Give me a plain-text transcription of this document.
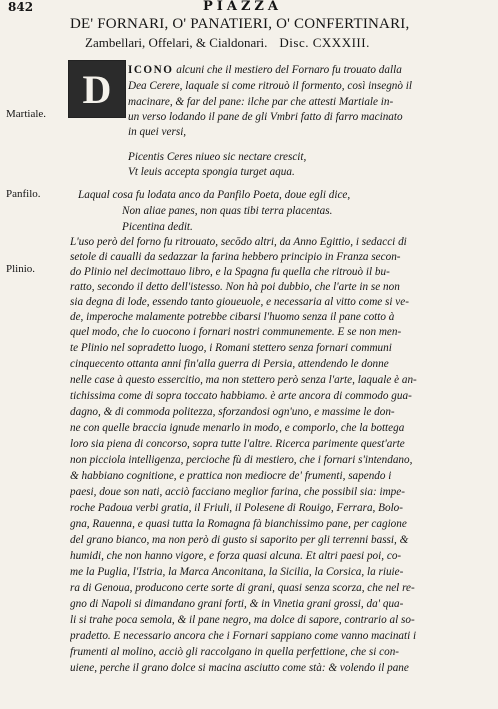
842	PIAZZA
DE' FORNARI, O' PANATIERI, O' CONFERTINARI,
Zambellari, Offelari, & Cialdonari. Disc. CXXXIII.
D
Martiale.
Panfilo.
Plinio.
ICONO alcuni che il mestiero del Fornaro fu trouato dalla
Dea Cerere, laquale si come ritrouò il formento, così insegnò il
macinare, & far del pane: ilche par che attesti Martiale in-
un verso lodando il pane de gli Vmbri fatto di farro macinato
in quei versi,
Picentis Ceres niueo sic nectare crescit,
Vt leuis accepta spongia turget aqua.
Laqual cosa fu lodata anco da Panfilo Poeta, doue egli dice,
Non aliae panes, non quas tibi terra placentas.
Picentina dedit.
L'uso però del forno fu ritrouato, secōdo altri, da Anno Egittio, i sedacci di
setole di caualli da sedazzar la farina hebbero principio in Franza secon-
do Plinio nel decimottauo libro, e la Spagna fu quella che ritrouò il bu-
ratto, secondo il detto dell'istesso. Non hà poi dubbio, che l'arte in se non
sia degna di lode, essendo tanto gioueuole, e necessaria al vitto come si ve-
de, imperoche malamente potrebbe cibarsi l'huomo senza il pane cotto à
quel modo, che lo cuocono i fornari nostri communemente. E se non men-
te Plinio nel sopradetto luogo, i Romani stettero senza fornari communi
cinquecento ottanta anni fin'alla guerra di Persia, attendendo le donne
nelle case à questo essercitio, ma non stettero però senza l'arte, laquale è an-
tichissima come di sopra toccato habbiamo. è arte ancora di commodo gua-
dagno, & di commoda politezza, sforzandosi ogn'uno, e massime le don-
ne con quelle braccia ignude menarlo in modo, e comporlo, che la bottega
loro sia piena di concorso, sopra tutte l'altre. Ricerca parimente quest'arte
non picciola intelligenza, percioche fù di mestiero, che i fornari s'intendano,
& habbiano cognitione, e prattica non mediocre de' frumenti, sapendo i
paesi, doue son nati, acciò facciano meglior farina, che possibil sia: impe-
roche Padoua verbi gratia, il Friuli, il Polesene di Rouigo, Ferrara, Bolo-
gna, Rauenna, e quasi tutta la Romagna fà bianchissimo pane, per cagione
del grano bianco, ma non però di gusto si saporito per gli terrenni bassi, &
humidi, che non hanno vigore, e forza quasi alcuna. Et altri paesi poi, co-
me la Puglia, l'Istria, la Marca Anconitana, la Sicilia, la Corsica, la riuie-
ra di Genoua, producono certe sorte di grani, quasi senza scorza, che nel re-
gno di Napoli si dimandano grani forti, & in Vinetia grani grossi, da' qua-
li si trahe poca semola, & il pane negro, ma dolce di sapore, contrario al so-
pradetto. E necessario ancora che i Fornari sappiano come vanno macinati i
frumenti al molino, acciò gli raccolgano in quella perfettione, che si con-
uiene, perche il grano dolce si macina asciutto come stà: & volendo il pane
